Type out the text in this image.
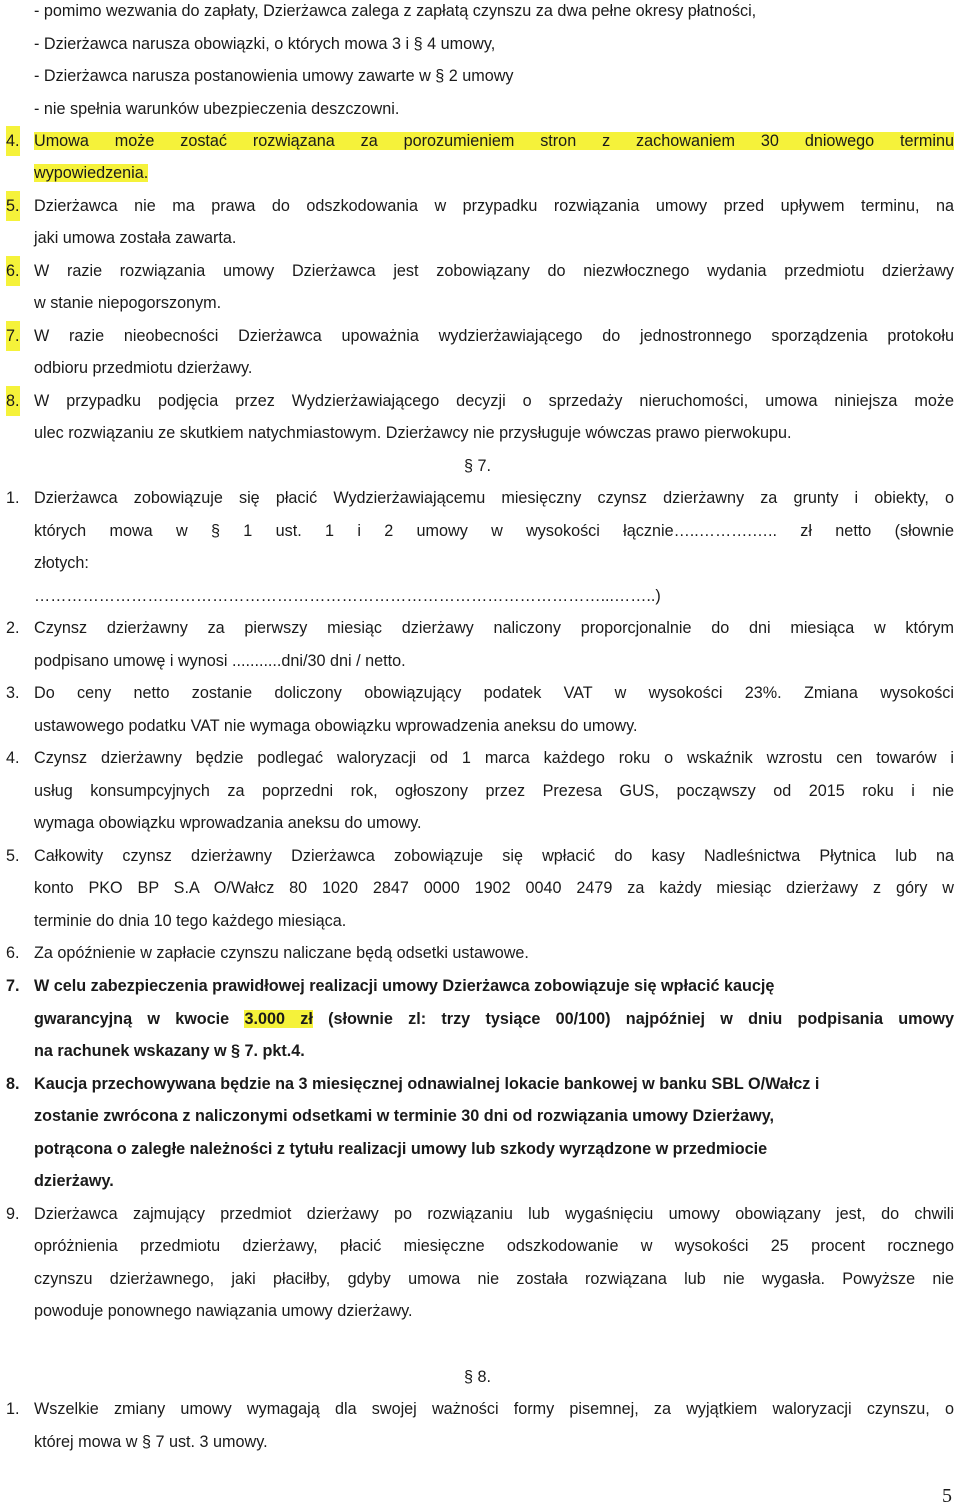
- pomimo wezwania do zapłaty, Dzierżawca zalega z zapłatą czynszu za dwa pełne okresy płatności,
- Dzierżawca narusza obowiązki, o których mowa 3 i § 4 umowy,
- Dzierżawca narusza postanowienia umowy zawarte w § 2 umowy
- nie spełnia warunków ubezpieczenia deszczowni.
4. Umowa może zostać rozwiązana za porozumieniem stron z zachowaniem 30 dniowego terminu
wypowiedzenia.
5. Dzierżawca nie ma prawa do odszkodowania w przypadku rozwiązania umowy przed upływem terminu, na
jaki umowa została zawarta.
6. W razie rozwiązania umowy Dzierżawca jest zobowiązany do niezwłocznego wydania przedmiotu dzierżawy
w stanie niepogorszonym.
7. W razie nieobecności Dzierżawca upoważnia wydzierżawiającego do jednostronnego sporządzenia protokołu
odbioru przedmiotu dzierżawy.
8. W przypadku podjęcia przez Wydzierżawiającego decyzji o sprzedaży nieruchomości, umowa niniejsza może
ulec rozwiązaniu ze skutkiem natychmiastowym. Dzierżawcy nie przysługuje wówczas prawo pierwokupu.
§ 7.
1. Dzierżawca zobowiązuje się płacić Wydzierżawiającemu miesięczny czynsz dzierżawny za grunty i obiekty, o
których mowa w § 1 ust. 1 i 2 umowy w wysokości łącznie…..……….….. zł netto (słownie
złotych:
……………………………………………………………………………………………...……..)
2. Czynsz dzierżawny za pierwszy miesiąc dzierżawy naliczony proporcjonalnie do dni miesiąca w którym
podpisano umowę i wynosi ...........dni/30 dni / netto.
3. Do ceny netto zostanie doliczony obowiązujący podatek VAT w wysokości 23%. Zmiana wysokości
ustawowego podatku VAT nie wymaga obowiązku wprowadzenia aneksu do umowy.
4. Czynsz dzierżawny będzie podlegać waloryzacji od 1 marca każdego roku o wskaźnik wzrostu cen towarów i
usług konsumpcyjnych za poprzedni rok, ogłoszony przez Prezesa GUS, począwszy od 2015 roku i nie
wymaga obowiązku wprowadzania aneksu do umowy.
5. Całkowity czynsz dzierżawny Dzierżawca zobowiązuje się wpłacić do kasy Nadleśnictwa Płytnica lub na
konto PKO BP S.A O/Wałcz 80 1020 2847 0000 1902 0040 2479 za każdy miesiąc dzierżawy z góry w
terminie do dnia 10 tego każdego miesiąca.
6. Za opóźnienie w zapłacie czynszu naliczane będą odsetki ustawowe.
7. W celu zabezpieczenia prawidłowej realizacji umowy Dzierżawca zobowiązuje się wpłacić kaucję
gwarancyjną w kwocie 3.000 zł (słownie zl: trzy tysiące 00/100) najpóźniej w dniu podpisania umowy
na rachunek wskazany w § 7. pkt.4.
8. Kaucja przechowywana będzie na 3 miesięcznej odnawialnej lokacie bankowej w banku SBL O/Wałcz i
zostanie zwrócona z naliczonymi odsetkami w terminie 30 dni od rozwiązania umowy Dzierżawy,
potrącona o zaległe należności z tytułu realizacji umowy lub szkody wyrządzone w przedmiocie
dzierżawy.
9. Dzierżawca zajmujący przedmiot dzierżawy po rozwiązaniu lub wygaśnięciu umowy obowiązany jest, do chwili
opróżnienia przedmiotu dzierżawy, płacić miesięczne odszkodowanie w wysokości 25 procent rocznego
czynszu dzierżawnego, jaki płaciłby, gdyby umowa nie została rozwiązana lub nie wygasła. Powyższe nie
powoduje ponownego nawiązania umowy dzierżawy.
§ 8.
1. Wszelkie zmiany umowy wymagają dla swojej ważności formy pisemnej, za wyjątkiem waloryzacji czynszu, o
której mowa w § 7 ust. 3 umowy.
5
